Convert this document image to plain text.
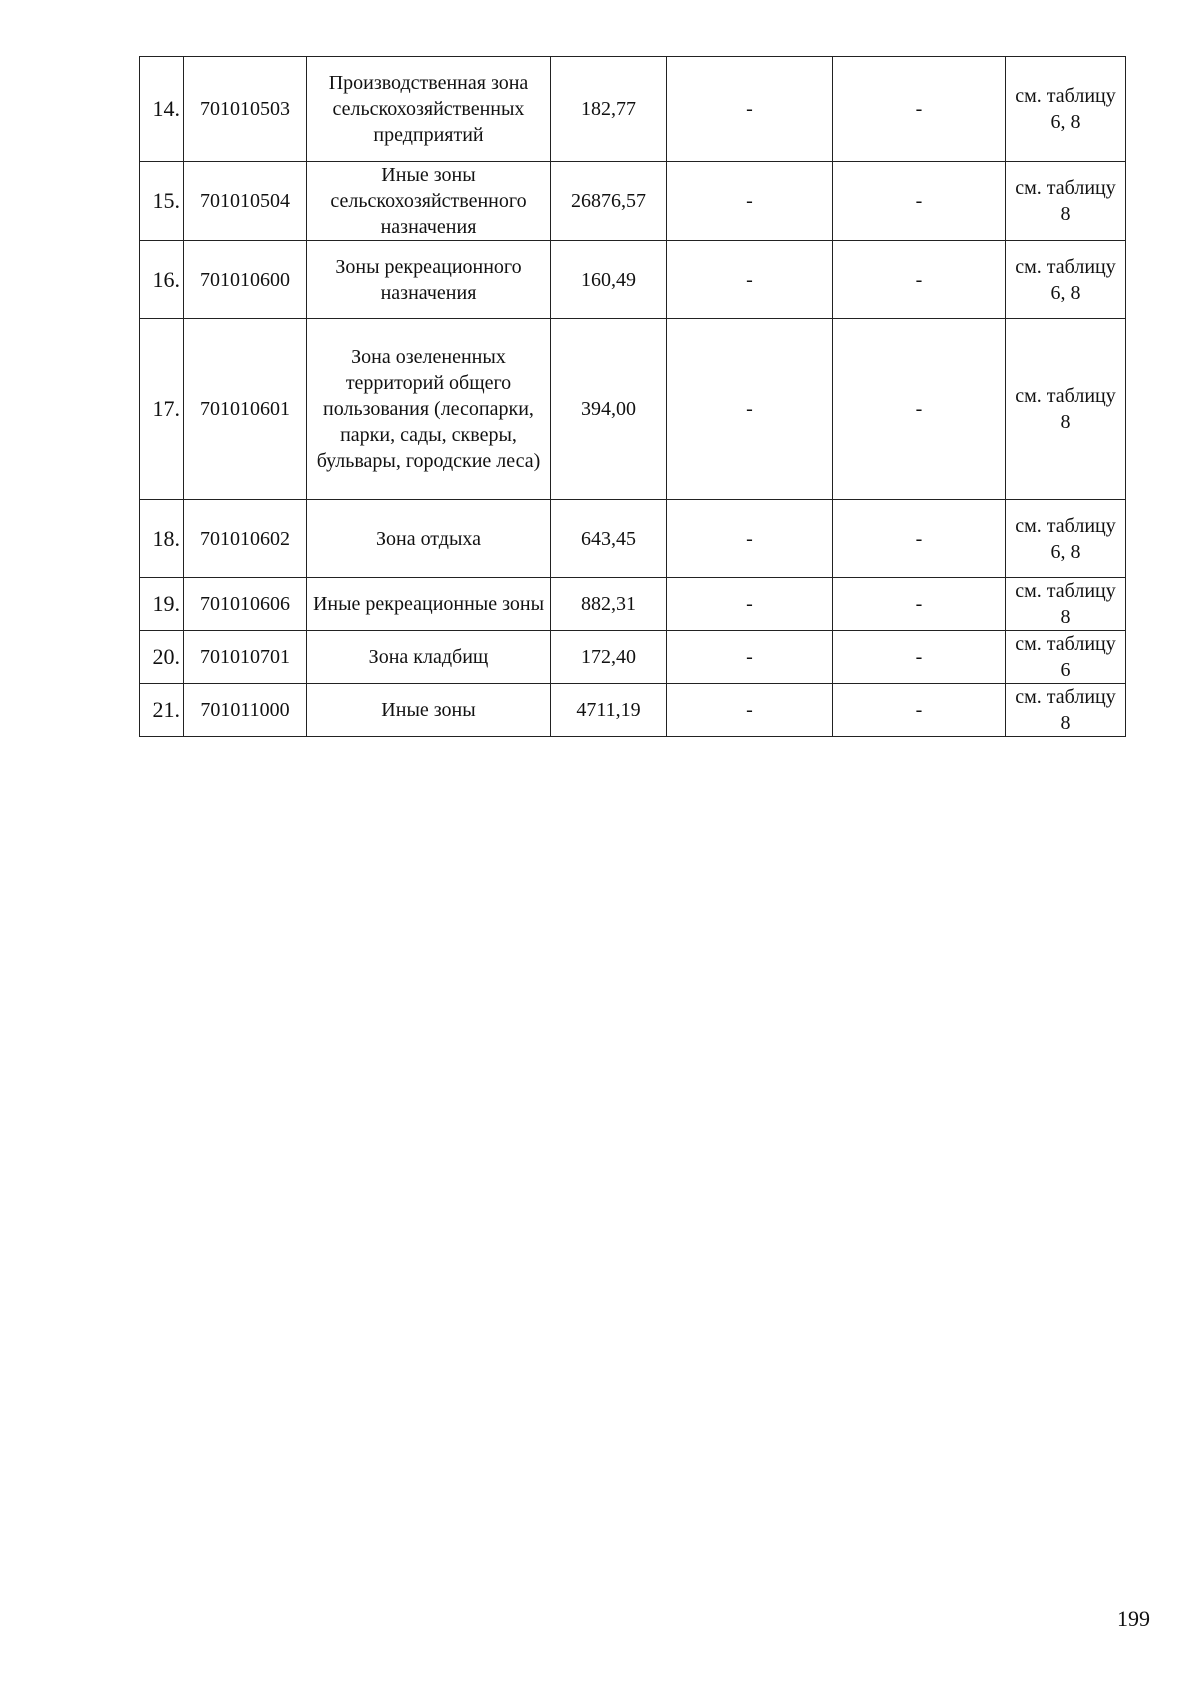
14.	701010503	Производственная зона сельскохозяйственных предприятий	182,77	-	-	см. таблицу 6, 8
15.	701010504	Иные зоны сельскохозяйственного назначения	26876,57	-	-	см. таблицу 8
16.	701010600	Зоны рекреационного назначения	160,49	-	-	см. таблицу 6, 8
17.	701010601	Зона озелененных территорий общего пользования (лесопарки, парки, сады, скверы, бульвары, городские леса)	394,00	-	-	см. таблицу 8
18.	701010602	Зона отдыха	643,45	-	-	см. таблицу 6, 8
19.	701010606	Иные рекреационные зоны	882,31	-	-	см. таблицу 8
20.	701010701	Зона кладбищ	172,40	-	-	см. таблицу 6
21.	701011000	Иные зоны	4711,19	-	-	см. таблицу 8
199
